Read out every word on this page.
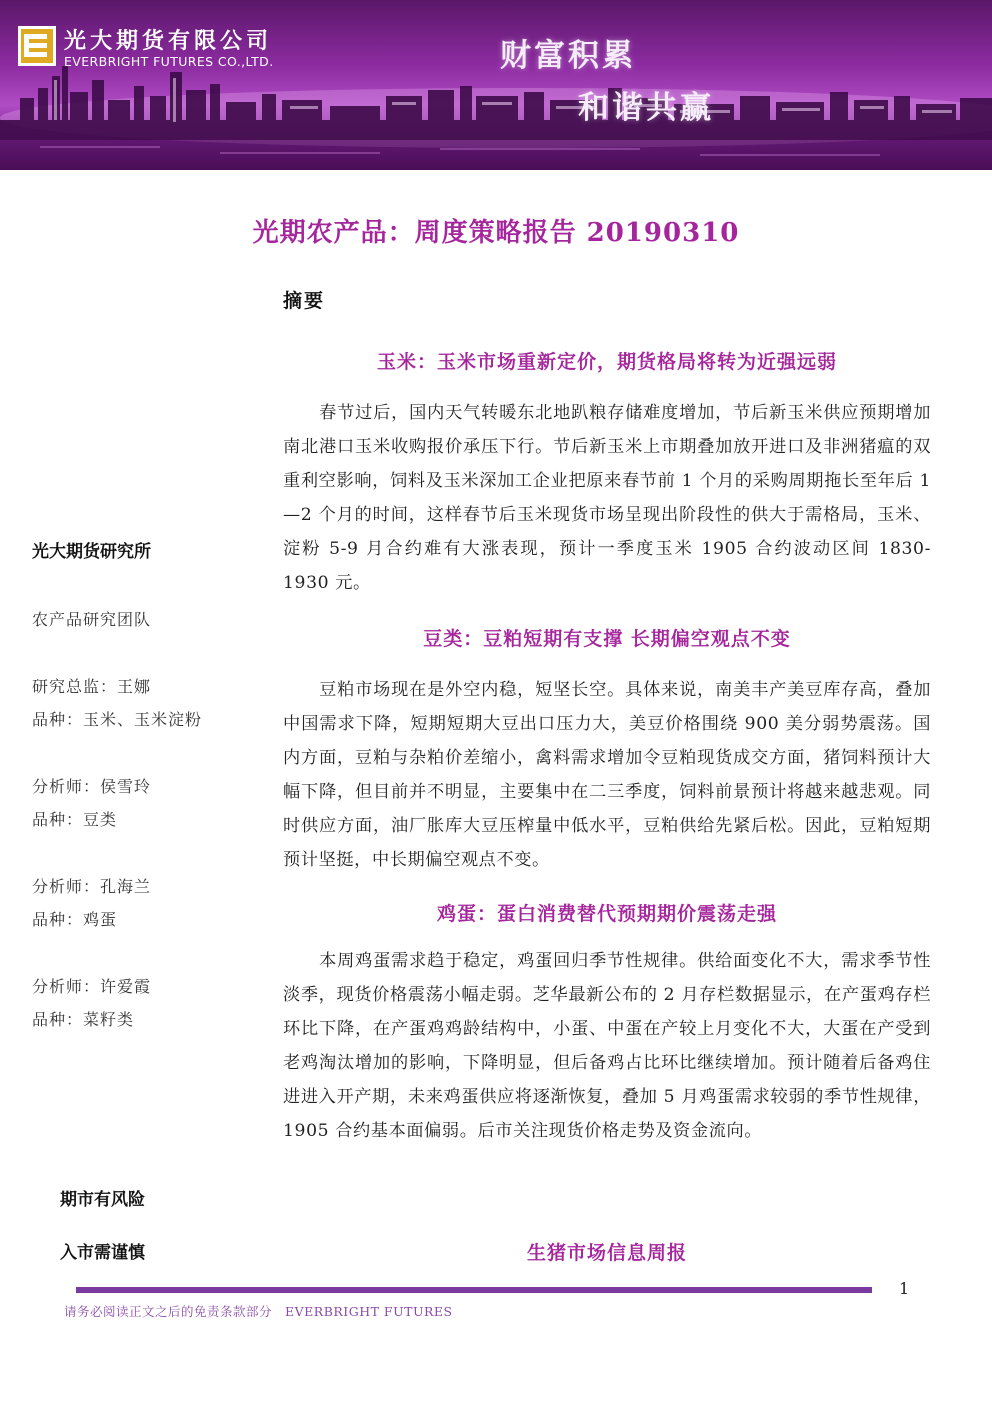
光大期货有限公司
EVERBRIGHT FUTURES CO.,LTD.	财富积累
和谐共赢
光期农产品：周度策略报告 20190310
光大期货研究所
农产品研究团队
研究总监：王娜
品种：玉米、玉米淀粉
分析师：侯雪玲
品种：豆类
分析师：孔海兰
品种：鸡蛋
分析师：许爱霞
品种：菜籽类
期市有风险
入市需谨慎
摘要
玉米：玉米市场重新定价，期货格局将转为近强远弱

春节过后，国内天气转暖东北地趴粮存储难度增加，节后新玉米供应预期增加南北港口玉米收购报价承压下行。节后新玉米上市期叠加放开进口及非洲猪瘟的双重利空影响，饲料及玉米深加工企业把原来春节前 1 个月的采购周期拖长至年后 1—2 个月的时间，这样春节后玉米现货市场呈现出阶段性的供大于需格局，玉米、淀粉 5-9 月合约难有大涨表现，预计一季度玉米 1905 合约波动区间 1830-1930 元。

豆类：豆粕短期有支撑 长期偏空观点不变

豆粕市场现在是外空内稳，短坚长空。具体来说，南美丰产美豆库存高，叠加中国需求下降，短期短期大豆出口压力大，美豆价格围绕 900 美分弱势震荡。国内方面，豆粕与杂粕价差缩小，禽料需求增加令豆粕现货成交方面，猪饲料预计大幅下降，但目前并不明显，主要集中在二三季度，饲料前景预计将越来越悲观。同时供应方面，油厂胀库大豆压榨量中低水平，豆粕供给先紧后松。因此，豆粕短期预计坚挺，中长期偏空观点不变。

鸡蛋：蛋白消费替代预期期价震荡走强

本周鸡蛋需求趋于稳定，鸡蛋回归季节性规律。供给面变化不大，需求季节性淡季，现货价格震荡小幅走弱。芝华最新公布的 2 月存栏数据显示，在产蛋鸡存栏环比下降，在产蛋鸡鸡龄结构中，小蛋、中蛋在产较上月变化不大，大蛋在产受到老鸡淘汰增加的影响，下降明显，但后备鸡占比环比继续增加。预计随着后备鸡住进进入开产期，未来鸡蛋供应将逐渐恢复，叠加 5 月鸡蛋需求较弱的季节性规律，1905 合约基本面偏弱。后市关注现货价格走势及资金流向。

生猪市场信息周报
1
请务必阅读正文之后的免责条款部分　EVERBRIGHT FUTURES
